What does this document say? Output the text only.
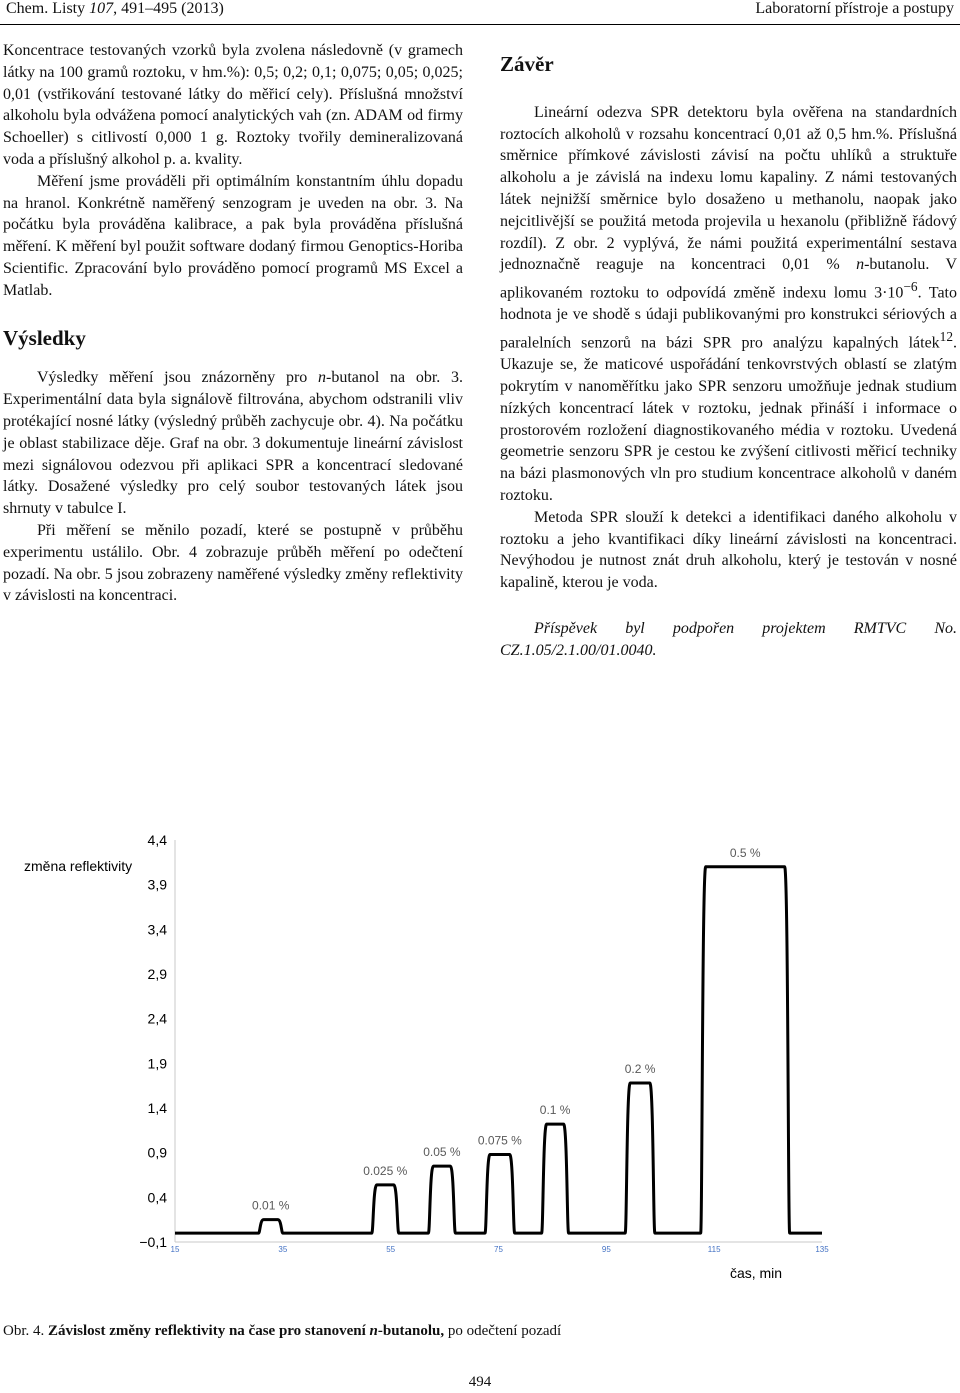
Chem. Listy 107, 491–495 (2013)	Laboratorní přístroje a postupy

Koncentrace testovaných vzorků byla zvolena následovně (v gramech látky na 100 gramů roztoku, v hm.%): 0,5; 0,2; 0,1; 0,075; 0,05; 0,025; 0,01 (vstřikování testované látky do měřicí cely). Příslušná množství alkoholu byla odvážena pomocí analytických vah (zn. ADAM od firmy Schoeller) s citlivostí 0,000 1 g. Roztoky tvořily demineralizovaná voda a příslušný alkohol p. a. kvality.

Měření jsme prováděli při optimálním konstantním úhlu dopadu na hranol. Konkrétně naměřený senzogram je uveden na obr. 3. Na počátku byla prováděna kalibrace, a pak byla prováděna příslušná měření. K měření byl použit software dodaný firmou Genoptics-Horiba Scientific. Zpracování bylo prováděno pomocí programů MS Excel a Matlab.

Výsledky

Výsledky měření jsou znázorněny pro n-butanol na obr. 3. Experimentální data byla signálově filtrována, abychom odstranili vliv protékající nosné látky (výsledný průběh zachycuje obr. 4). Na počátku je oblast stabilizace děje. Graf na obr. 3 dokumentuje lineární závislost mezi signálovou odezvou při aplikaci SPR a koncentrací sledované látky. Dosažené výsledky pro celý soubor testovaných látek jsou shrnuty v tabulce I.

Při měření se měnilo pozadí, které se postupně v průběhu experimentu ustálilo. Obr. 4 zobrazuje průběh měření po odečtení pozadí. Na obr. 5 jsou zobrazeny naměřené výsledky změny reflektivity v závislosti na koncentraci.

Závěr

Lineární odezva SPR detektoru byla ověřena na standardních roztocích alkoholů v rozsahu koncentrací 0,01 až 0,5 hm.%. Příslušná směrnice přímkové závislosti závisí na počtu uhlíků a struktuře alkoholu a je závislá na indexu lomu kapaliny. Z námi testovaných látek nejnižší směrnice bylo dosaženo u methanolu, naopak jako nejcitlivější se použitá metoda projevila u hexanolu (přibližně řádový rozdíl). Z obr. 2 vyplývá, že námi použitá experimentální sestava jednoznačně reaguje na koncentraci 0,01 % n-butanolu. V aplikovaném roztoku to odpovídá změně indexu lomu $3\cdot 10^{-6}$. Tato hodnota je ve shodě s údaji publikovanými pro konstrukci sériových a paralelních senzorů na bázi SPR pro analýzu kapalných látek$^{12}$. Ukazuje se, že maticové uspořádání tenkovrstvých oblastí se zlatým pokrytím v nanoměřítku jako SPR senzoru umožňuje jednak studium nízkých koncentrací látek v roztoku, jednak přináší i informace o prostorovém rozložení diagnostikovaného média v roztoku. Uvedená geometrie senzoru SPR je cestou ke zvýšení citlivosti měřicí techniky na bázi plasmonových vln pro studium koncentrace alkoholů v daném roztoku.

Metoda SPR slouží k detekci a identifikaci daného alkoholu v roztoku a jeho kvantifikaci díky lineární závislosti na koncentraci. Nevýhodou je nutnost znát druh alkoholu, který je testován v nosné kapalině, kterou je voda.

Příspěvek byl podpořen projektem RMTVC No. CZ.1.05/2.1.00/01.0040.

4,4
3,9
3,4
2,9
2,4
1,9
1,4
0,9
0,4
−0,1 15	35	55	75	95	115	135
změna reflektivity
čas, min
0.01 %
0.025 %
0.05 %
0.075 %
0.1 %
0.2 %
0.5 %
Obr. 4. Závislost změny reflektivity na čase pro stanovení n-butanolu, po odečtení pozadí
494
